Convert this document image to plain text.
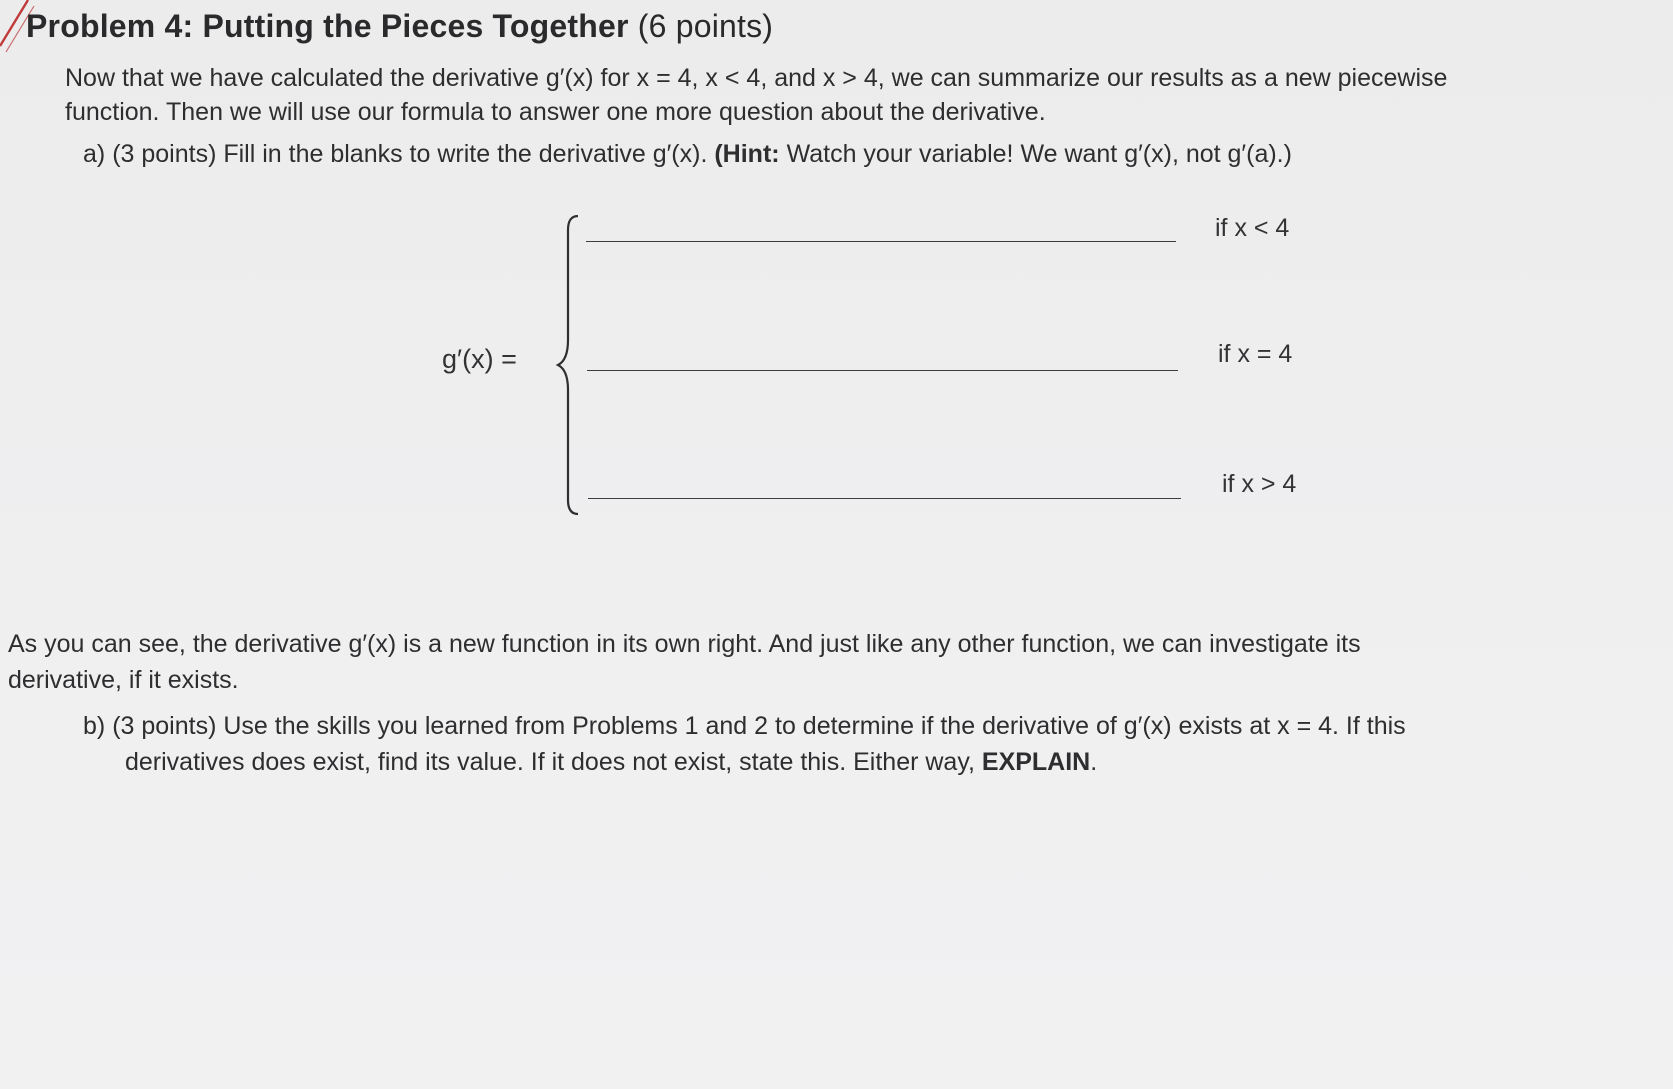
Problem 4: Putting the Pieces Together (6 points)
Now that we have calculated the derivative g′(x) for x = 4, x < 4, and x > 4, we can summarize our results as a new piecewise
function. Then we will use our formula to answer one more question about the derivative.
a) (3 points) Fill in the blanks to write the derivative g′(x). (Hint: Watch your variable! We want g′(x), not g′(a).)
g′(x) =
if x < 4
if x = 4
if x > 4
As you can see, the derivative g′(x) is a new function in its own right. And just like any other function, we can investigate its
derivative, if it exists.
b) (3 points) Use the skills you learned from Problems 1 and 2 to determine if the derivative of g′(x) exists at x = 4. If this
derivatives does exist, find its value. If it does not exist, state this. Either way, EXPLAIN.
